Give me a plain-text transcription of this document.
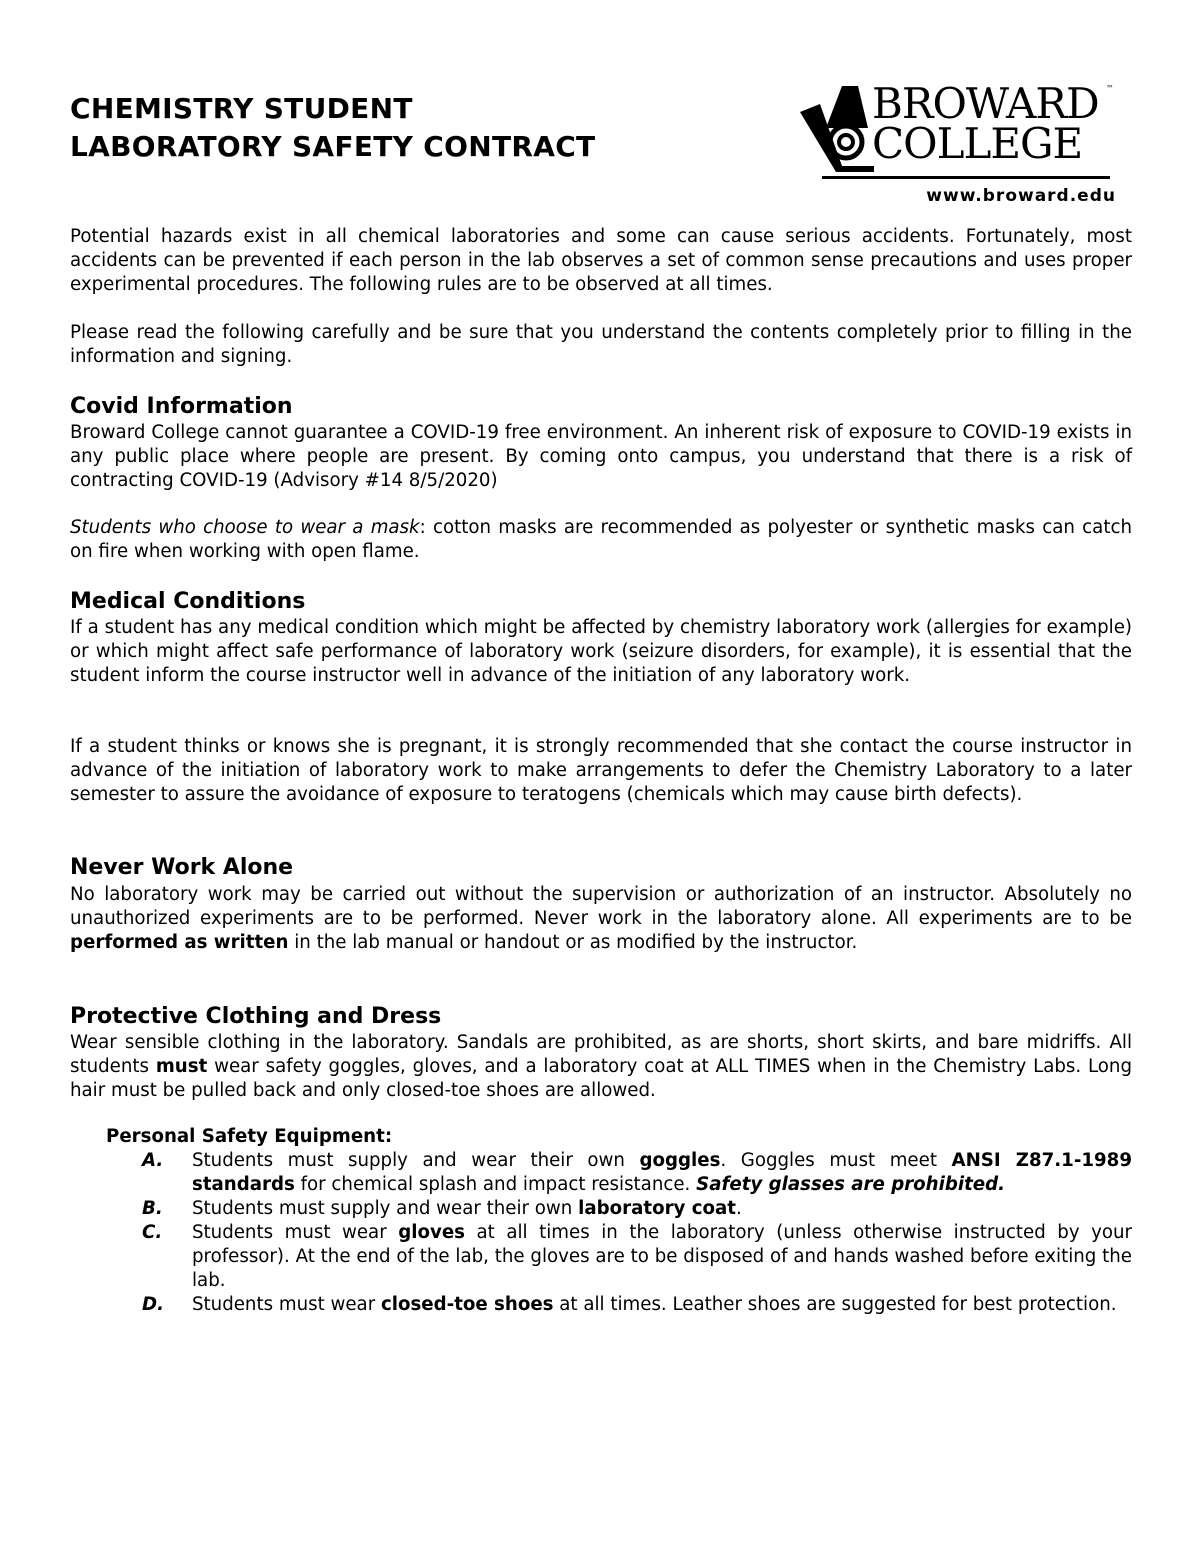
CHEMISTRY STUDENT
LABORATORY SAFETY CONTRACT
BROWARD
COLLEGE
™
www.broward.edu
Potential hazards exist in all chemical laboratories and some can cause serious accidents. Fortunately, most accidents can be prevented if each person in the lab observes a set of common sense precautions and uses proper experimental procedures. The following rules are to be observed at all times.
Please read the following carefully and be sure that you understand the contents completely prior to filling in the information and signing.
Covid Information
Broward College cannot guarantee a COVID-19 free environment. An inherent risk of exposure to COVID-19 exists in any public place where people are present. By coming onto campus, you understand that there is a risk of contracting COVID-19 (Advisory #14 8/5/2020)
Students who choose to wear a mask: cotton masks are recommended as polyester or synthetic masks can catch on fire when working with open flame.
Medical Conditions
If a student has any medical condition which might be affected by chemistry laboratory work (allergies for example) or which might affect safe performance of laboratory work (seizure disorders, for example), it is essential that the student inform the course instructor well in advance of the initiation of any laboratory work.
If a student thinks or knows she is pregnant, it is strongly recommended that she contact the course instructor in advance of the initiation of laboratory work to make arrangements to defer the Chemistry Laboratory to a later semester to assure the avoidance of exposure to teratogens (chemicals which may cause birth defects).
Never Work Alone
No laboratory work may be carried out without the supervision or authorization of an instructor. Absolutely no unauthorized experiments are to be performed. Never work in the laboratory alone. All experiments are to be performed as written in the lab manual or handout or as modified by the instructor.
Protective Clothing and Dress
Wear sensible clothing in the laboratory. Sandals are prohibited, as are shorts, short skirts, and bare midriffs. All students must wear safety goggles, gloves, and a laboratory coat at ALL TIMES when in the Chemistry Labs. Long hair must be pulled back and only closed-toe shoes are allowed.
Personal Safety Equipment:
A. Students must supply and wear their own goggles. Goggles must meet ANSI Z87.1-1989 standards for chemical splash and impact resistance. Safety glasses are prohibited.
B. Students must supply and wear their own laboratory coat.
C. Students must wear gloves at all times in the laboratory (unless otherwise instructed by your professor). At the end of the lab, the gloves are to be disposed of and hands washed before exiting the lab.
D. Students must wear closed-toe shoes at all times. Leather shoes are suggested for best protection.
